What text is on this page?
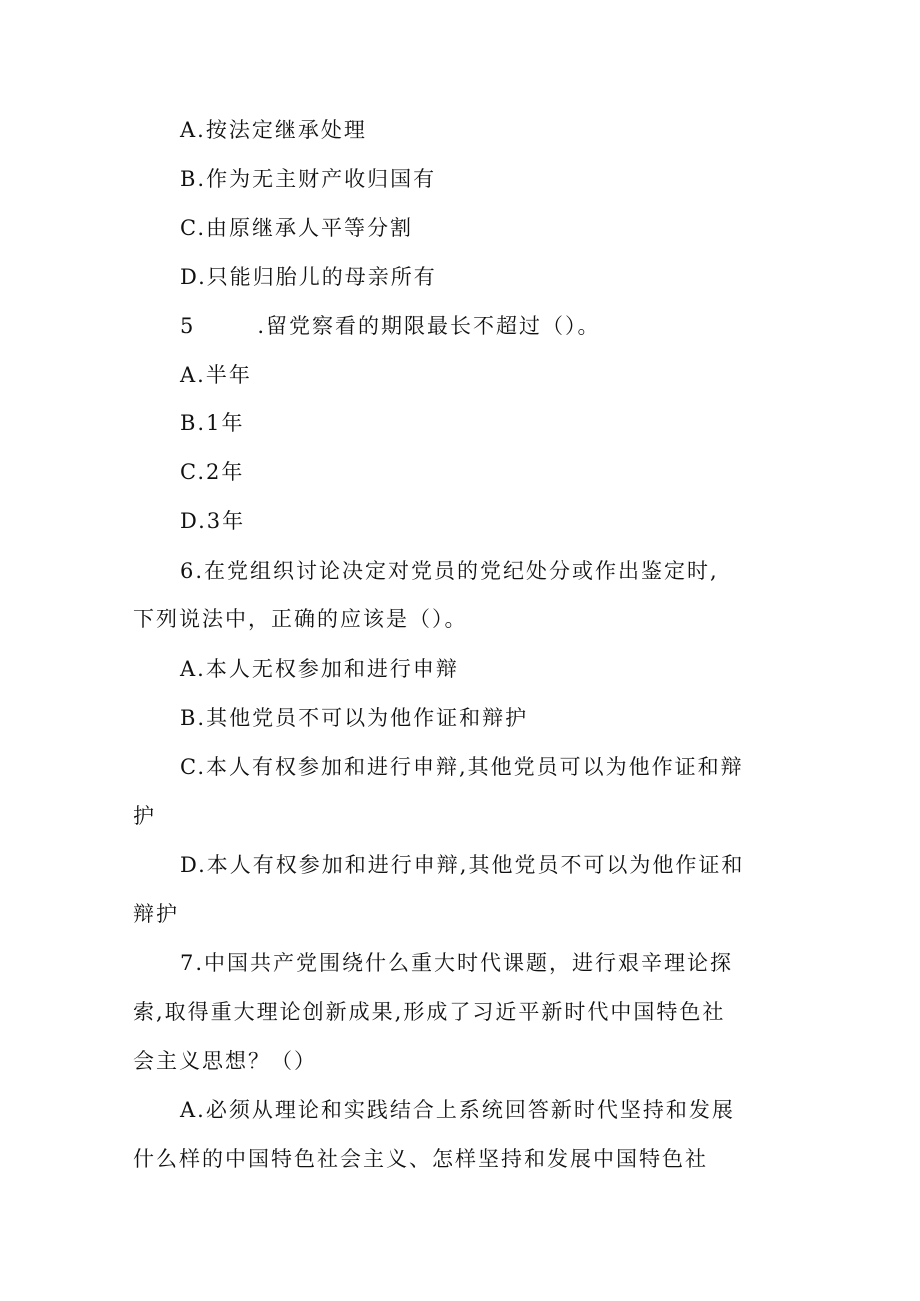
A.按法定继承处理
B.作为无主财产收归国有
C.由原继承人平等分割
D.只能归胎儿的母亲所有
5	.留党察看的期限最长不超过（）。
A.半年
B.1年
C.2年
D.3年
6.在党组织讨论决定对党员的党纪处分或作出鉴定时,
下列说法中，正确的应该是（）。
A.本人无权参加和进行申辩
B.其他党员不可以为他作证和辩护
C.本人有权参加和进行申辩,其他党员可以为他作证和辩
护
D.本人有权参加和进行申辩,其他党员不可以为他作证和
辩护
7.中国共产党围绕什么重大时代课题，进行艰辛理论探
索,取得重大理论创新成果,形成了习近平新时代中国特色社
会主义思想？（）
A.必须从理论和实践结合上系统回答新时代坚持和发展
什么样的中国特色社会主义、怎样坚持和发展中国特色社
